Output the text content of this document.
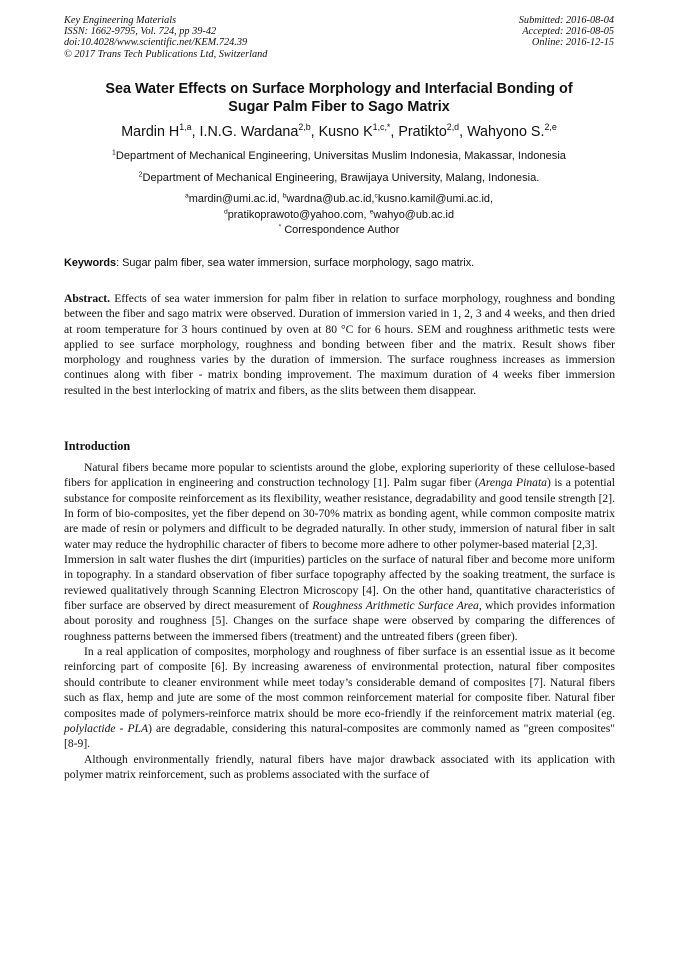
Key Engineering Materials
ISSN: 1662-9795, Vol. 724, pp 39-42
doi:10.4028/www.scientific.net/KEM.724.39
© 2017 Trans Tech Publications Ltd, Switzerland
Submitted: 2016-08-04
Accepted: 2016-08-05
Online: 2016-12-15
Sea Water Effects on Surface Morphology and Interfacial Bonding of
Sugar Palm Fiber to Sago Matrix
Mardin H$^{1,a}$, I.N.G. Wardana$^{2,b}$, Kusno $K^{1,c,*}$, Pratikto$^{2,d}$, Wahyono S.$^{2,e}$
$^1$Department of Mechanical Engineering, Universitas Muslim Indonesia, Makassar, Indonesia
$^2$Department of Mechanical Engineering, Brawijaya University, Malang, Indonesia.
$^a$mardin@umi.ac.id, $^b$wardna@ub.ac.id,$^c$kusno.kamil@umi.ac.id,
$^d$pratikoprawoto@yahoo.com, $^e$wahyo@ub.ac.id
* Correspondence Author
Keywords: Sugar palm fiber, sea water immersion, surface morphology, sago matrix.
Abstract. Effects of sea water immersion for palm fiber in relation to surface morphology, roughness and bonding between the fiber and sago matrix were observed. Duration of immersion varied in 1, 2, 3 and 4 weeks, and then dried at room temperature for 3 hours continued by oven at 80 °C for 6 hours. SEM and roughness arithmetic tests were applied to see surface morphology, roughness and bonding between fiber and the matrix. Result shows fiber morphology and roughness varies by the duration of immersion. The surface roughness increases as immersion continues along with fiber - matrix bonding improvement. The maximum duration of 4 weeks fiber immersion resulted in the best interlocking of matrix and fibers, as the slits between them disappear.
Introduction

Natural fibers became more popular to scientists around the globe, exploring superiority of these cellulose-based fibers for application in engineering and construction technology [1]. Palm sugar fiber (Arenga Pinata) is a potential substance for composite reinforcement as its flexibility, weather resistance, degradability and good tensile strength [2]. In form of bio-composites, yet the fiber depend on 30-70% matrix as bonding agent, while common composite matrix are made of resin or polymers and difficult to be degraded naturally. In other study, immersion of natural fiber in salt water may reduce the hydrophilic character of fibers to become more adhere to other polymer-based material [2,3].

Immersion in salt water flushes the dirt (impurities) particles on the surface of natural fiber and become more uniform in topography. In a standard observation of fiber surface topography affected by the soaking treatment, the surface is reviewed qualitatively through Scanning Electron Microscopy [4]. On the other hand, quantitative characteristics of fiber surface are observed by direct measurement of Roughness Arithmetic Surface Area, which provides information about porosity and roughness [5]. Changes on the surface shape were observed by comparing the differences of roughness patterns between the immersed fibers (treatment) and the untreated fibers (green fiber).

In a real application of composites, morphology and roughness of fiber surface is an essential issue as it become reinforcing part of composite [6]. By increasing awareness of environmental protection, natural fiber composites should contribute to cleaner environment while meet today’s considerable demand of composites [7]. Natural fibers such as flax, hemp and jute are some of the most common reinforcement material for composite fiber. Natural fiber composites made of polymers-reinforce matrix should be more eco-friendly if the reinforcement matrix material (eg. polylactide - PLA) are degradable, considering this natural-composites are commonly named as "green composites" [8-9].

Although environmentally friendly, natural fibers have major drawback associated with its application with polymer matrix reinforcement, such as problems associated with the surface of
